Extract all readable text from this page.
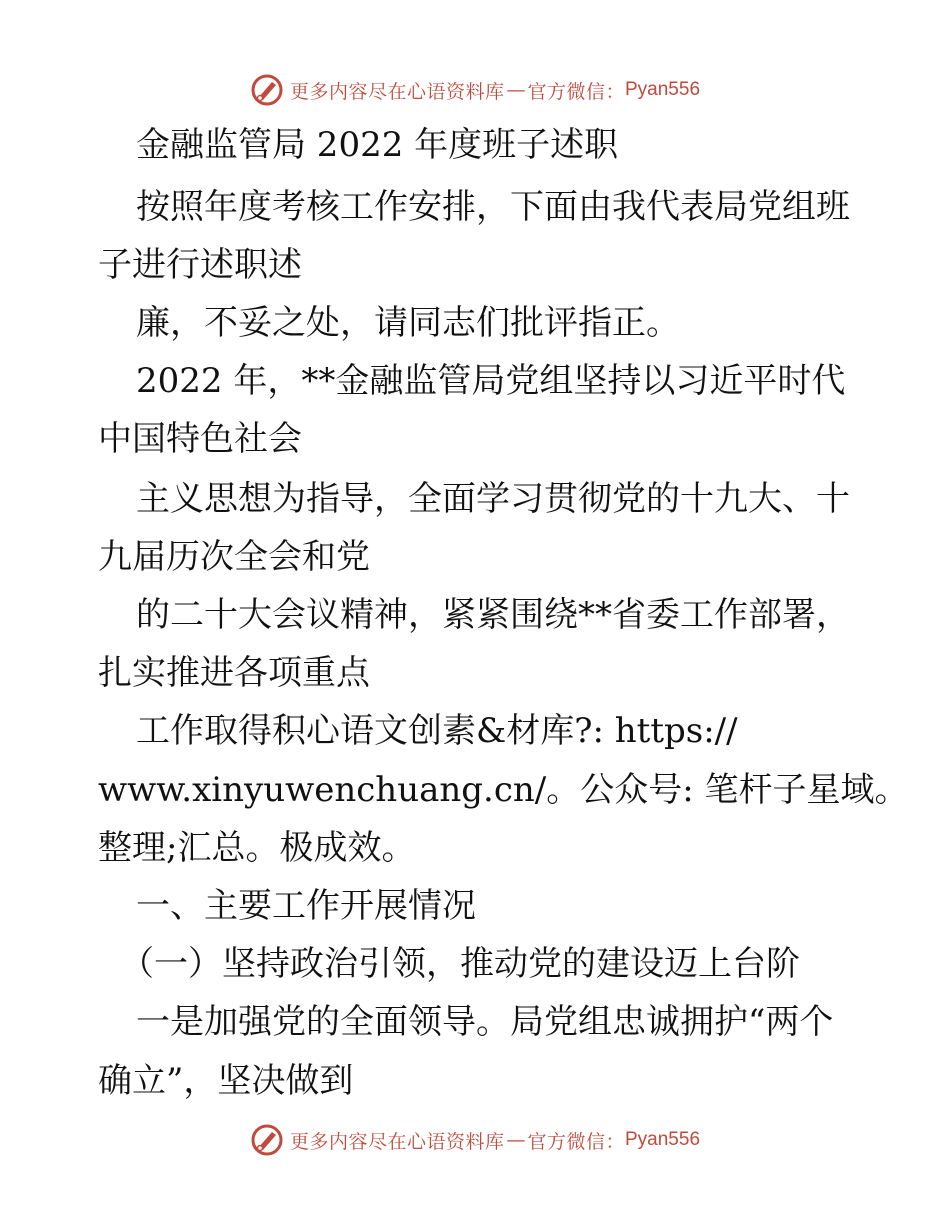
更多内容尽在心语资料库 — 官方微信： Pyan556
金融监管局 2022 年度班子述职
按照年度考核工作安排，下面由我代表局党组班
子进行述职述
廉，不妥之处，请同志们批评指正。
2022 年，**金融监管局党组坚持以习近平时代
中国特色社会
主义思想为指导，全面学习贯彻党的十九大、十
九届历次全会和党
的二十大会议精神，紧紧围绕**省委工作部署，
扎实推进各项重点
工作取得积心语文创素&材库?: https://
www.xinyuwenchuang.cn/。公众号: 笔杆子星域。
整理;汇总。极成效。
一、主要工作开展情况
（一）坚持政治引领，推动党的建设迈上台阶
一是加强党的全面领导。局党组忠诚拥护“两个
确立”，坚决做到
更多内容尽在心语资料库 — 官方微信： Pyan556
